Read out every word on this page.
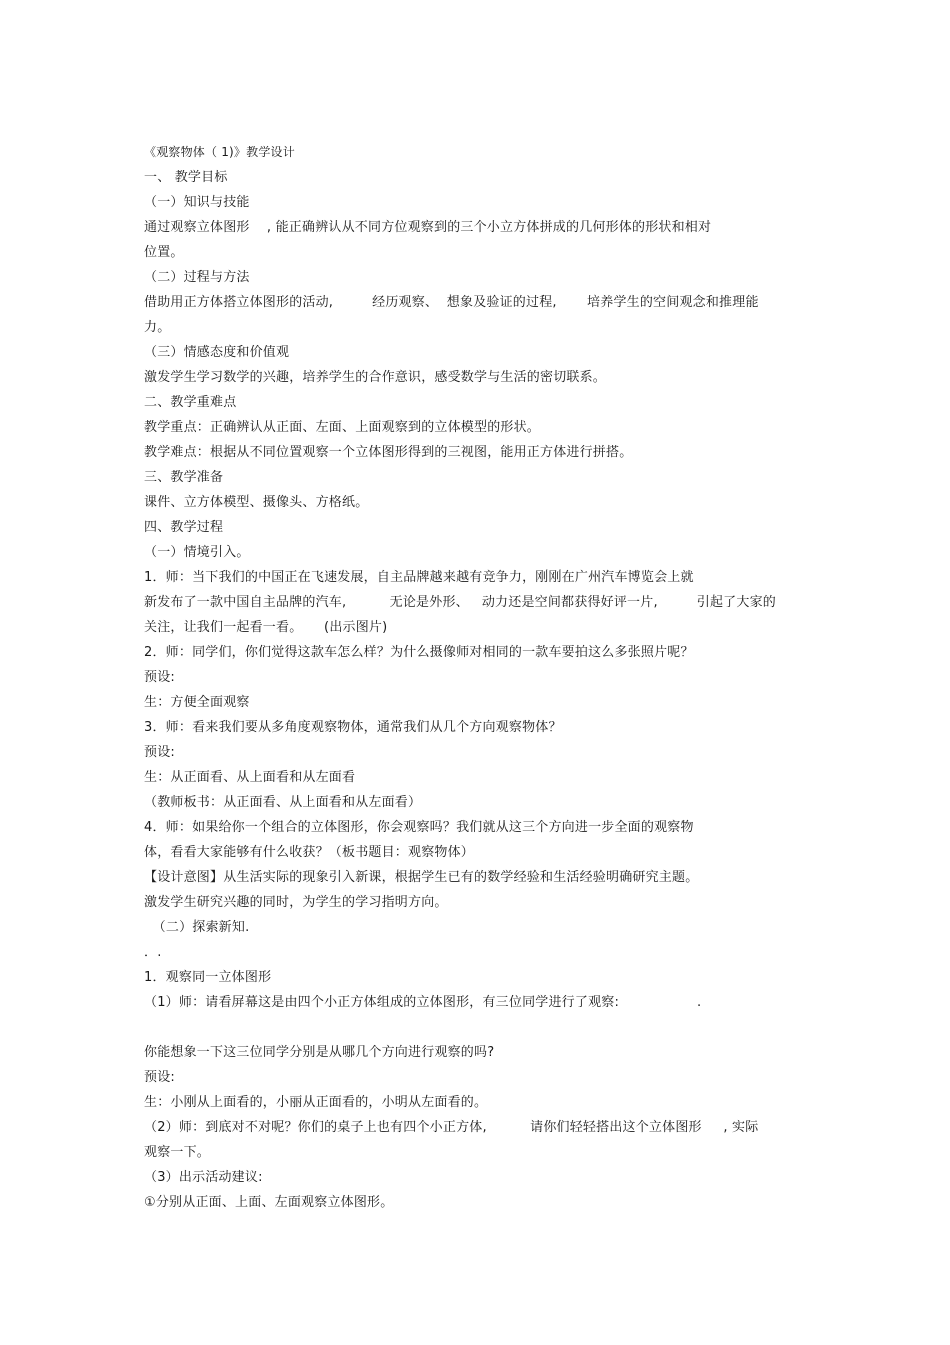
《观察物体（ 1)》教学设计
一、 教学目标
（一）知识与技能
通过观察立体图形    , 能正确辨认从不同方位观察到的三个小立方体拼成的几何形体的形状和相对
位置。
（二）过程与方法
借助用正方体搭立体图形的活动,         经历观察、  想象及验证的过程,       培养学生的空间观念和推理能
力。
（三）情感态度和价值观
激发学生学习数学的兴趣，培养学生的合作意识，感受数学与生活的密切联系。
二、教学重难点
教学重点：正确辨认从正面、左面、上面观察到的立体模型的形状。
教学难点：根据从不同位置观察一个立体图形得到的三视图，能用正方体进行拼搭。
三、教学准备
课件、立方体模型、摄像头、方格纸。
四、教学过程
（一）情境引入。
1．师：当下我们的中国正在飞速发展，自主品牌越来越有竞争力，刚刚在广州汽车博览会上就
新发布了一款中国自主品牌的汽车,          无论是外形、   动力还是空间都获得好评一片,         引起了大家的
关注，让我们一起看一看。     (出示图片)
2．师：同学们，你们觉得这款车怎么样？为什么摄像师对相同的一款车要拍这么多张照片呢？
预设:
生：方便全面观察
3．师：看来我们要从多角度观察物体，通常我们从几个方向观察物体？
预设:
生：从正面看、从上面看和从左面看
（教师板书：从正面看、从上面看和从左面看）
4．师：如果给你一个组合的立体图形，你会观察吗？我们就从这三个方向进一步全面的观察物
体，看看大家能够有什么收获？（板书题目：观察物体）
【设计意图】从生活实际的现象引入新课，根据学生已有的数学经验和生活经验明确研究主题。
激发学生研究兴趣的同时，为学生的学习指明方向。
（二）探索新知.
．.
1．观察同一立体图形
（1）师：请看屏幕这是由四个小正方体组成的立体图形，有三位同学进行了观察:                  .
你能想象一下这三位同学分别是从哪几个方向进行观察的吗?
预设:
生：小刚从上面看的，小丽从正面看的，小明从左面看的。
（2）师：到底对不对呢？你们的桌子上也有四个小正方体,          请你们轻轻搭出这个立体图形     , 实际
观察一下。
（3）出示活动建议:
①分别从正面、上面、左面观察立体图形。
